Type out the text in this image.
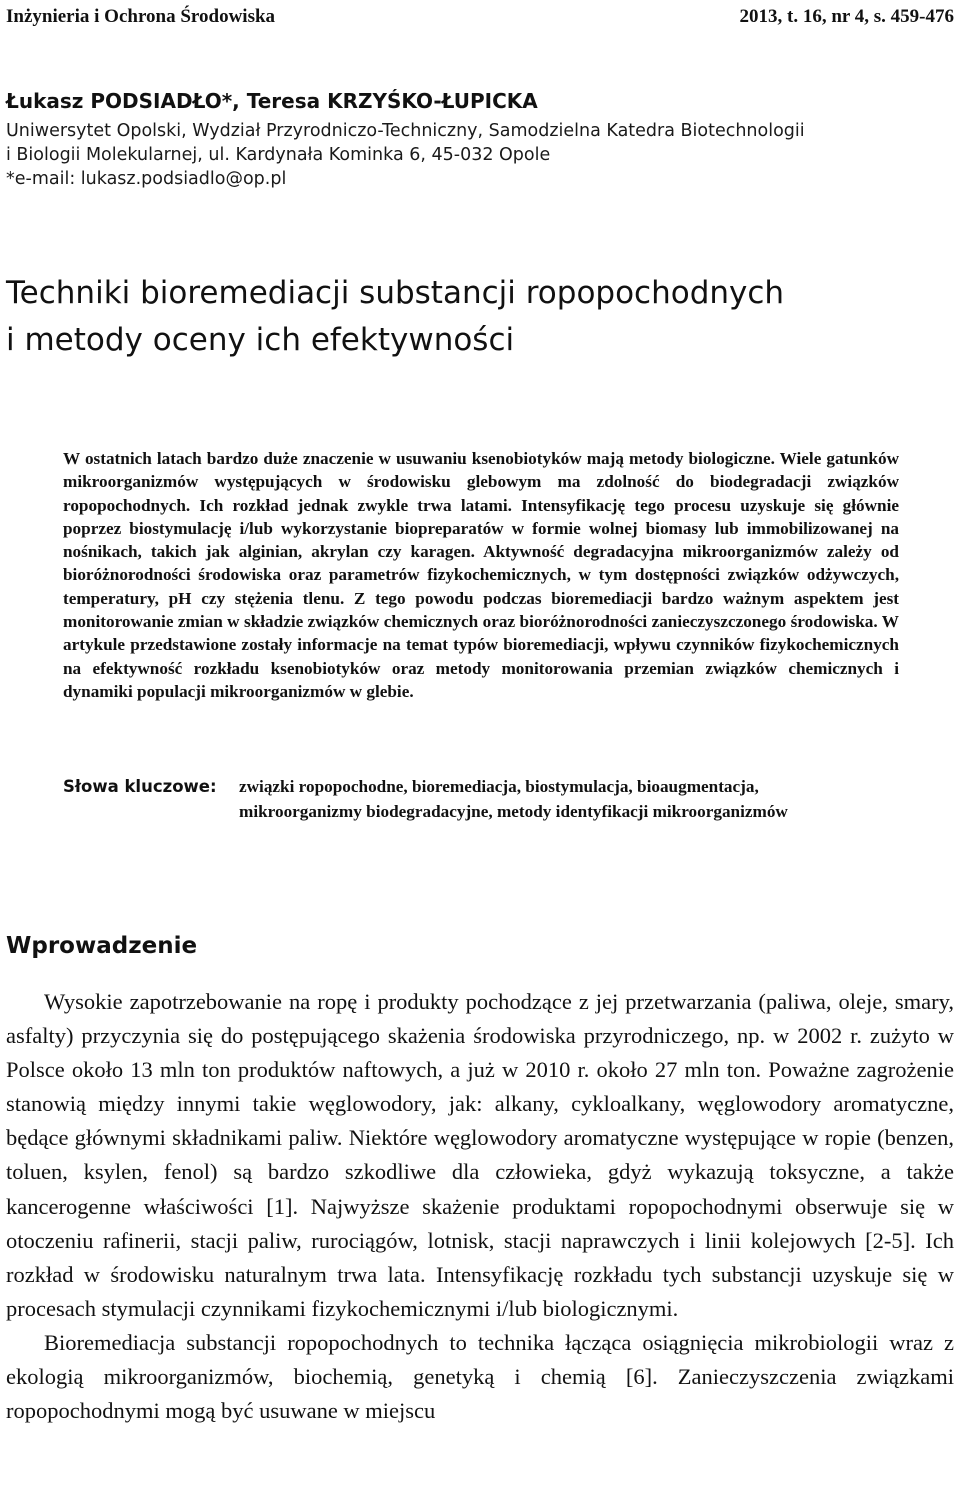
Inżynieria i Ochrona Środowiska	2013, t. 16, nr 4, s. 459-476
Łukasz PODSIADŁO*, Teresa KRZYŚKO-ŁUPICKA
Uniwersytet Opolski, Wydział Przyrodniczo-Techniczny, Samodzielna Katedra Biotechnologii
i Biologii Molekularnej, ul. Kardynała Kominka 6, 45-032 Opole
*e-mail: lukasz.podsiadlo@op.pl
Techniki bioremediacji substancji ropopochodnych
i metody oceny ich efektywności
W ostatnich latach bardzo duże znaczenie w usuwaniu ksenobiotyków mają metody biologiczne. Wiele gatunków mikroorganizmów występujących w środowisku glebowym ma zdolność do biodegradacji związków ropopochodnych. Ich rozkład jednak zwykle trwa latami. Intensyfikację tego procesu uzyskuje się głównie poprzez biostymulację i/lub wykorzystanie biopreparatów w formie wolnej biomasy lub immobilizowanej na nośnikach, takich jak alginian, akrylan czy karagen. Aktywność degradacyjna mikroorganizmów zależy od bioróżnorodności środowiska oraz parametrów fizykochemicznych, w tym dostępności związków odżywczych, temperatury, pH czy stężenia tlenu. Z tego powodu podczas bioremediacji bardzo ważnym aspektem jest monitorowanie zmian w składzie związków chemicznych oraz bioróżnorodności zanieczyszczonego środowiska. W artykule przedstawione zostały informacje na temat typów bioremediacji, wpływu czynników fizykochemicznych na efektywność rozkładu ksenobiotyków oraz metody monitorowania przemian związków chemicznych i dynamiki populacji mikroorganizmów w glebie.
Słowa kluczowe: związki ropopochodne, bioremediacja, biostymulacja, bioaugmentacja,
mikroorganizmy biodegradacyjne, metody identyfikacji mikroorganizmów
Wprowadzenie

Wysokie zapotrzebowanie na ropę i produkty pochodzące z jej przetwarzania (paliwa, oleje, smary, asfalty) przyczynia się do postępującego skażenia środowiska przyrodniczego, np. w 2002 r. zużyto w Polsce około 13 mln ton produktów naftowych, a już w 2010 r. około 27 mln ton. Poważne zagrożenie stanowią między innymi takie węglowodory, jak: alkany, cykloalkany, węglowodory aromatyczne, będące głównymi składnikami paliw. Niektóre węglowodory aromatyczne występujące w ropie (benzen, toluen, ksylen, fenol) są bardzo szkodliwe dla człowieka, gdyż wykazują toksyczne, a także kancerogenne właściwości [1]. Najwyższe skażenie produktami ropopochodnymi obserwuje się w otoczeniu rafinerii, stacji paliw, rurociągów, lotnisk, stacji naprawczych i linii kolejowych [2-5]. Ich rozkład w środowisku naturalnym trwa lata. Intensyfikację rozkładu tych substancji uzyskuje się w procesach stymulacji czynnikami fizykochemicznymi i/lub biologicznymi.

Bioremediacja substancji ropopochodnych to technika łącząca osiągnięcia mikrobiologii wraz z ekologią mikroorganizmów, biochemią, genetyką i chemią [6]. Zanieczyszczenia związkami ropopochodnymi mogą być usuwane w miejscu
